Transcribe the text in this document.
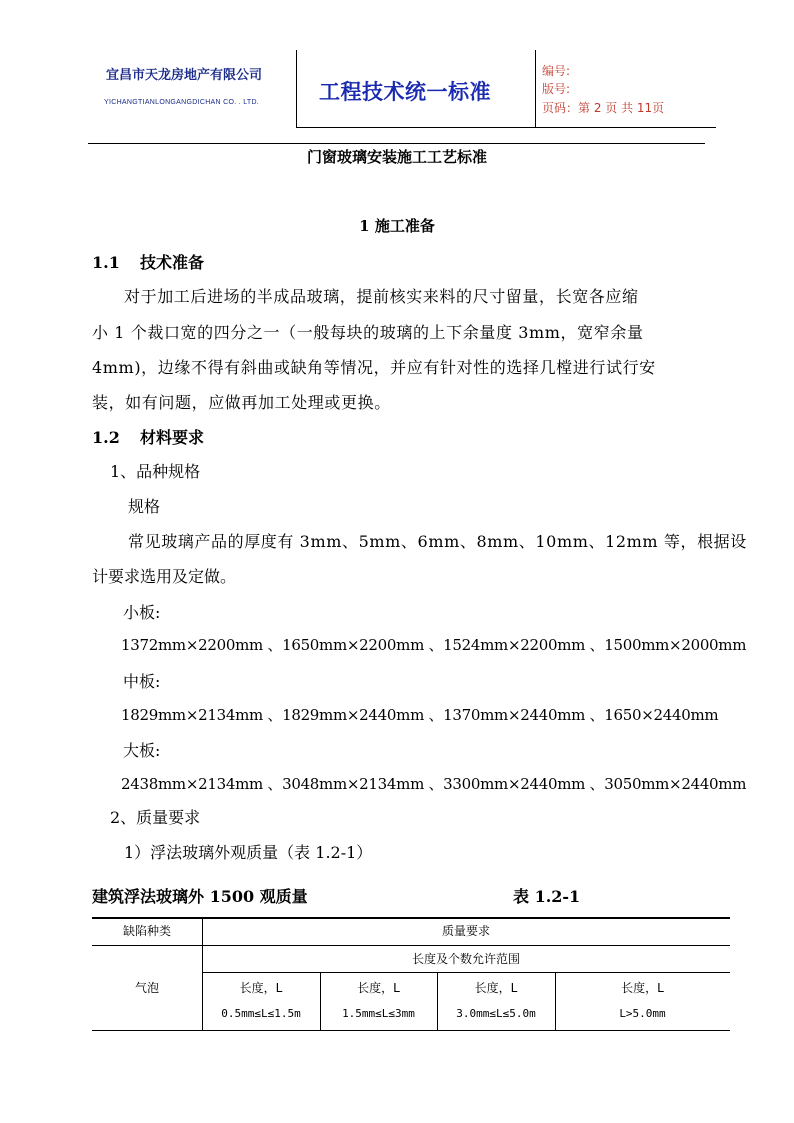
宜昌市天龙房地产有限公司
YICHANGTIANLONGANGDICHAN CO. . LTD.	工程技术统一标准
编号:
版号:
页码：第 2 页 共 11页
门窗玻璃安装施工工艺标准
1 施工准备
1.1 技术准备
对于加工后进场的半成品玻璃，提前核实来料的尺寸留量，长宽各应缩
小 1 个裁口宽的四分之一（一般每块的玻璃的上下余量度 3mm，宽窄余量
4mm)，边缘不得有斜曲或缺角等情况，并应有针对性的选择几樘进行试行安
装，如有问题，应做再加工处理或更换。
1.2 材料要求
1、品种规格
规格
常见玻璃产品的厚度有 3mm、5mm、6mm、8mm、10mm、12mm 等，根据设
计要求选用及定做。
小板:
1372mm×2200mm 、1650mm×2200mm 、1524mm×2200mm 、1500mm×2000mm
中板:
1829mm×2134mm 、1829mm×2440mm 、1370mm×2440mm 、1650×2440mm
大板:
2438mm×2134mm 、3048mm×2134mm 、3300mm×2440mm 、3050mm×2440mm
2、质量要求
1）浮法玻璃外观质量（表 1.2-1）
建筑浮法玻璃外 1500 观质量	表 1.2-1
缺陷种类	质量要求
长度及个数允许范围
气泡	长度，L	长度，L	长度，L	长度，L
0.5mm≤L≤1.5m	1.5mm≤L≤3mm	3.0mm≤L≤5.0m	L>5.0mm
